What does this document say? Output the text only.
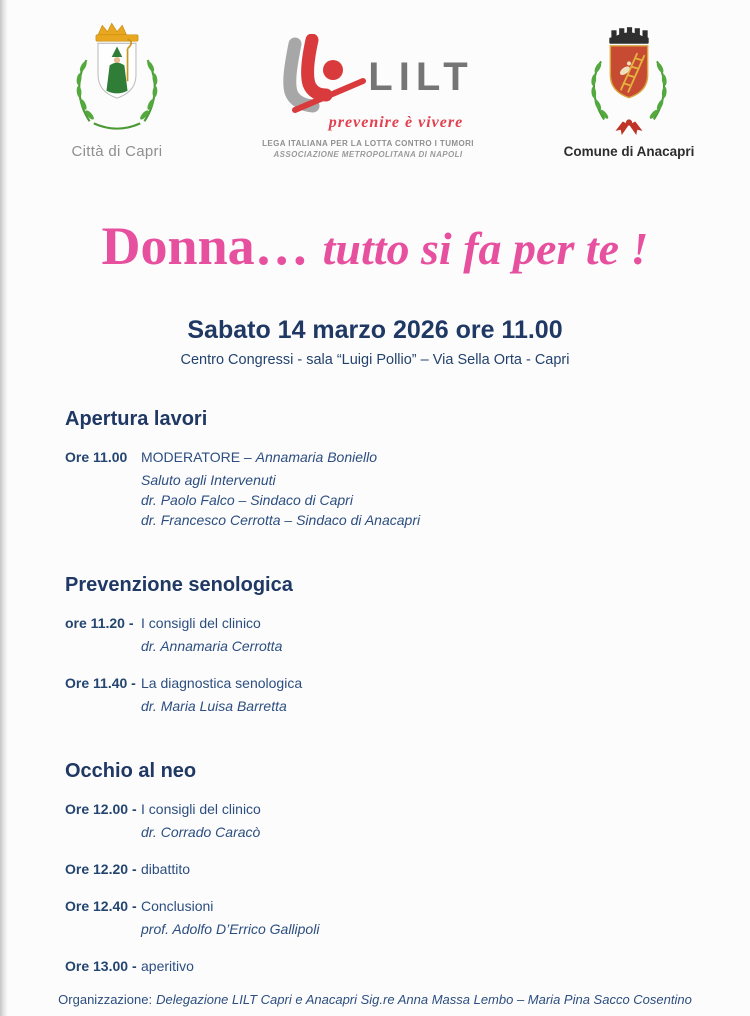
Città di Capri
LILT
prevenire è vivere
LEGA ITALIANA PER LA LOTTA CONTRO I TUMORI
ASSOCIAZIONE METROPOLITANA DI NAPOLI	Comune di Anacapri
Donna… tutto si fa per te !
Sabato 14 marzo 2026 ore 11.00
Centro Congressi - sala “Luigi Pollio” – Via Sella Orta - Capri
Apertura lavori
Ore 11.00 MODERATORE – Annamaria Boniello
Saluto agli Intervenuti
dr. Paolo Falco – Sindaco di Capri
dr. Francesco Cerrotta – Sindaco di Anacapri
Prevenzione senologica
ore 11.20 - I consigli del clinico
dr. Annamaria Cerrotta
Ore 11.40 - La diagnostica senologica
dr. Maria Luisa Barretta
Occhio al neo
Ore 12.00 - I consigli del clinico
dr. Corrado Caracò
Ore 12.20 - dibattito
Ore 12.40 - Conclusioni
prof. Adolfo D’Errico Gallipoli
Ore 13.00 - aperitivo
Organizzazione: Delegazione LILT Capri e Anacapri Sig.re Anna Massa Lembo – Maria Pina Sacco Cosentino
